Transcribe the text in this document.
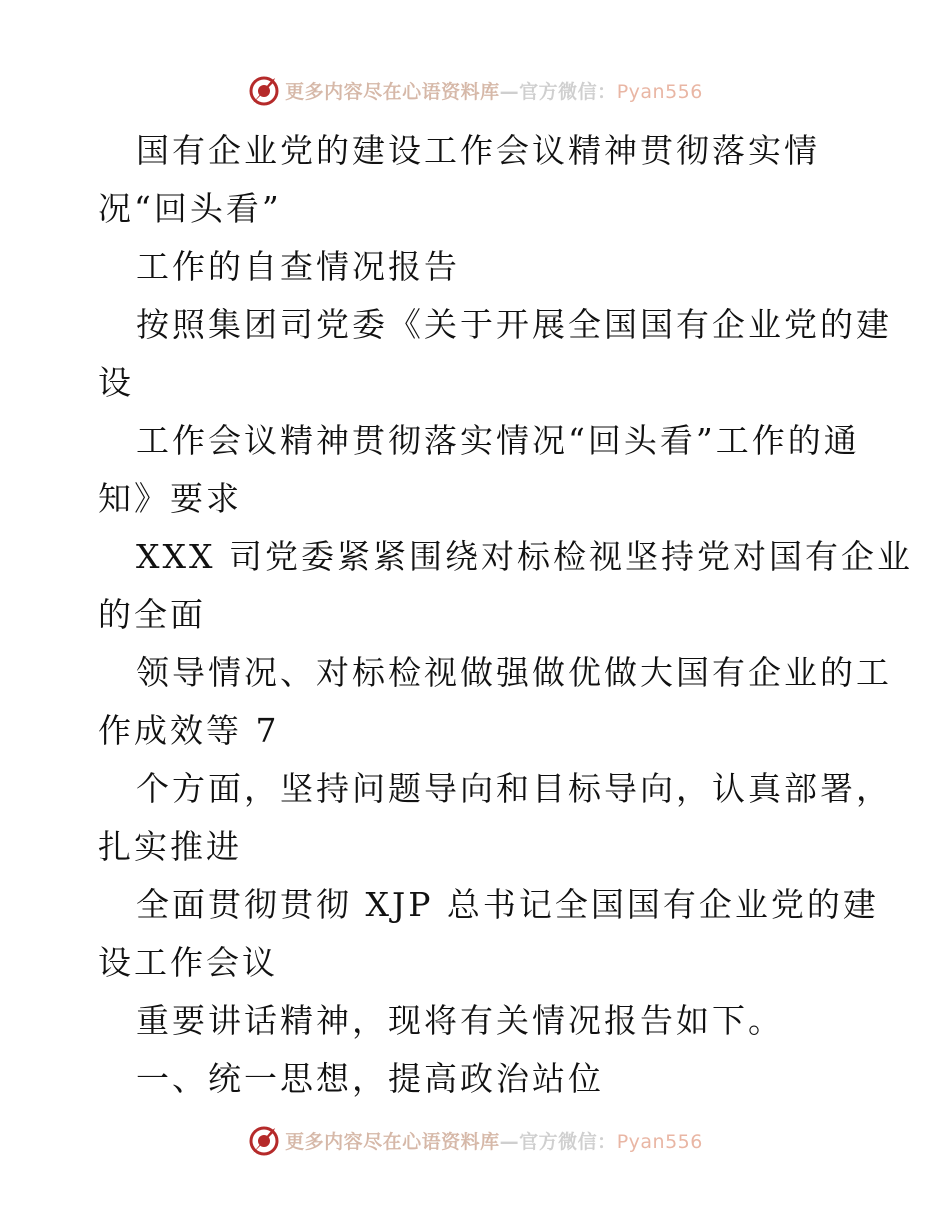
更多内容尽在心语资料库—官方微信：Pyan556
国有企业党的建设工作会议精神贯彻落实情
况“回头看”
工作的自查情况报告
按照集团司党委《关于开展全国国有企业党的建
设
工作会议精神贯彻落实情况“回头看”工作的通
知》要求
XXX 司党委紧紧围绕对标检视坚持党对国有企业
的全面
领导情况、对标检视做强做优做大国有企业的工
作成效等 7
个方面，坚持问题导向和目标导向，认真部署，
扎实推进
全面贯彻贯彻 XJP 总书记全国国有企业党的建
设工作会议
重要讲话精神，现将有关情况报告如下。
一、统一思想，提高政治站位
更多内容尽在心语资料库—官方微信：Pyan556
